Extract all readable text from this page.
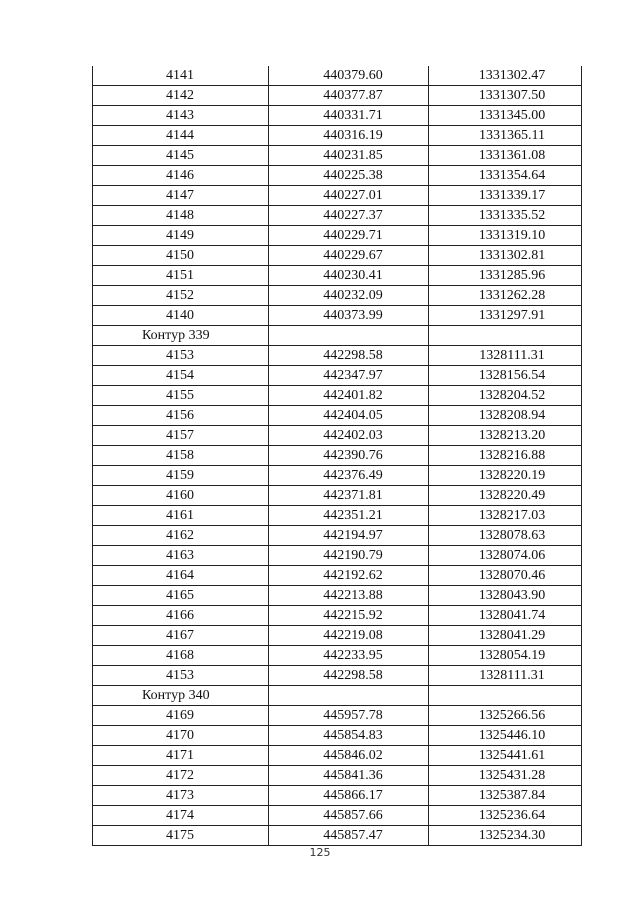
4141	440379.60	1331302.47
4142	440377.87	1331307.50
4143	440331.71	1331345.00
4144	440316.19	1331365.11
4145	440231.85	1331361.08
4146	440225.38	1331354.64
4147	440227.01	1331339.17
4148	440227.37	1331335.52
4149	440229.71	1331319.10
4150	440229.67	1331302.81
4151	440230.41	1331285.96
4152	440232.09	1331262.28
4140	440373.99	1331297.91
Контур 339
4153	442298.58	1328111.31
4154	442347.97	1328156.54
4155	442401.82	1328204.52
4156	442404.05	1328208.94
4157	442402.03	1328213.20
4158	442390.76	1328216.88
4159	442376.49	1328220.19
4160	442371.81	1328220.49
4161	442351.21	1328217.03
4162	442194.97	1328078.63
4163	442190.79	1328074.06
4164	442192.62	1328070.46
4165	442213.88	1328043.90
4166	442215.92	1328041.74
4167	442219.08	1328041.29
4168	442233.95	1328054.19
4153	442298.58	1328111.31
Контур 340
4169	445957.78	1325266.56
4170	445854.83	1325446.10
4171	445846.02	1325441.61
4172	445841.36	1325431.28
4173	445866.17	1325387.84
4174	445857.66	1325236.64
4175	445857.47	1325234.30
125
